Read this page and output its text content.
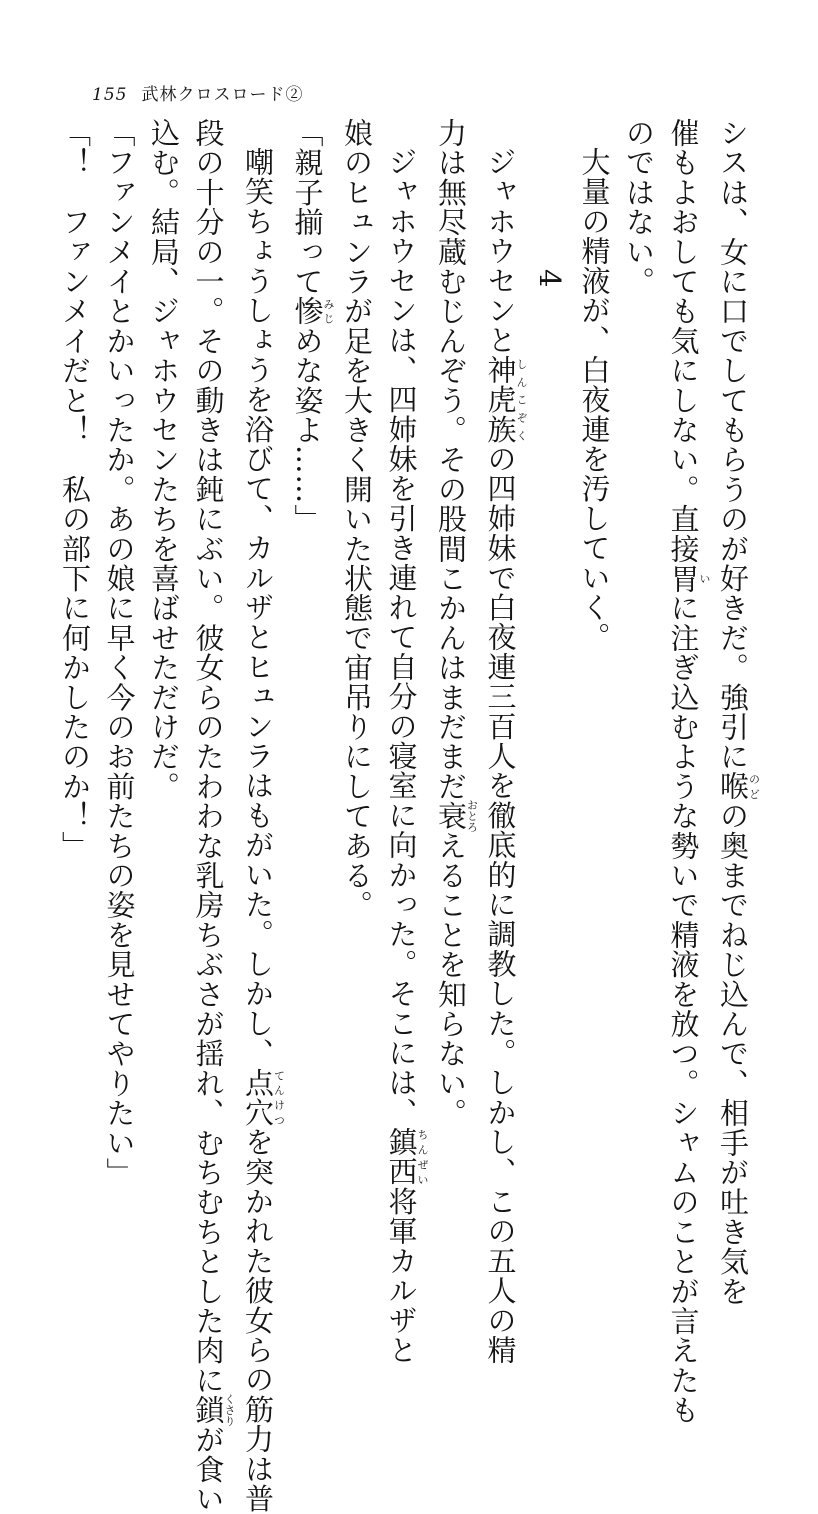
155 武林クロスロード②
シスは、女に口でしてもらうのが好きだ。強引に喉のどの奥までねじ込んで、相手が吐き気を
催もよおしても気にしない。直接胃いに注ぎ込むような勢いで精液を放つ。シャムのことが言えたも
のではない。
大量の精液が、白夜連を汚していく。
4
ジャホウセンと神虎族しんこぞくの四姉妹で白夜連三百人を徹底的に調教した。しかし、この五人の精
力は無尽蔵むじんぞう。その股間こかんはまだまだ衰おとろえることを知らない。
ジャホウセンは、四姉妹を引き連れて自分の寝室に向かった。そこには、鎮西ちんぜい将軍カルザと
娘のヒュンラが足を大きく開いた状態で宙吊りにしてある。
「親子揃って惨みじめな姿よ……」
嘲笑ちょうしょうを浴びて、カルザとヒュンラはもがいた。しかし、点穴てんけつを突かれた彼女らの筋力は普
段の十分の一。その動きは鈍にぶい。彼女らのたわわな乳房ちぶさが揺れ、むちむちとした肉に鎖くさりが食い
込む。結局、ジャホウセンたちを喜ばせただけだ。
「ファンメイとかいったか。あの娘に早く今のお前たちの姿を見せてやりたい」
「！　ファンメイだと！　私の部下に何かしたのか！」
